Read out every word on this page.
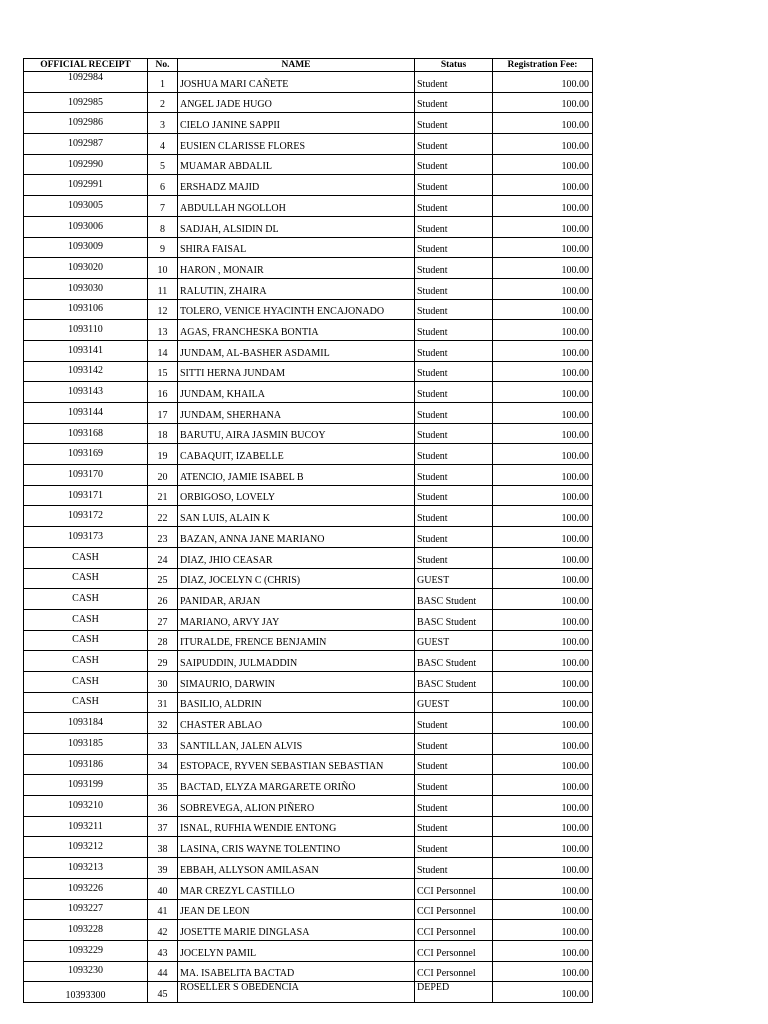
OFFICIAL RECEIPT	No.	NAME	Status	Registration Fee:
1092984	1	JOSHUA MARI CAÑETE	Student	100.00
1092985	2	ANGEL JADE HUGO	Student	100.00
1092986	3	CIELO JANINE SAPPII	Student	100.00
1092987	4	EUSIEN CLARISSE FLORES	Student	100.00
1092990	5	MUAMAR ABDALIL	Student	100.00
1092991	6	ERSHADZ MAJID	Student	100.00
1093005	7	ABDULLAH NGOLLOH	Student	100.00
1093006	8	SADJAH, ALSIDIN DL	Student	100.00
1093009	9	SHIRA FAISAL	Student	100.00
1093020	10	HARON , MONAIR	Student	100.00
1093030	11	RALUTIN, ZHAIRA	Student	100.00
1093106	12	TOLERO, VENICE HYACINTH ENCAJONADO	Student	100.00
1093110	13	AGAS, FRANCHESKA BONTIA	Student	100.00
1093141	14	JUNDAM, AL-BASHER ASDAMIL	Student	100.00
1093142	15	SITTI HERNA JUNDAM	Student	100.00
1093143	16	JUNDAM, KHAILA	Student	100.00
1093144	17	JUNDAM, SHERHANA	Student	100.00
1093168	18	BARUTU, AIRA JASMIN BUCOY	Student	100.00
1093169	19	CABAQUIT, IZABELLE	Student	100.00
1093170	20	ATENCIO, JAMIE ISABEL B	Student	100.00
1093171	21	ORBIGOSO, LOVELY	Student	100.00
1093172	22	SAN LUIS, ALAIN K	Student	100.00
1093173	23	BAZAN, ANNA JANE MARIANO	Student	100.00
CASH	24	DIAZ, JHIO CEASAR	Student	100.00
CASH	25	DIAZ, JOCELYN C (CHRIS)	GUEST	100.00
CASH	26	PANIDAR, ARJAN	BASC Student	100.00
CASH	27	MARIANO, ARVY JAY	BASC Student	100.00
CASH	28	ITURALDE, FRENCE BENJAMIN	GUEST	100.00
CASH	29	SAIPUDDIN, JULMADDIN	BASC Student	100.00
CASH	30	SIMAURIO, DARWIN	BASC Student	100.00
CASH	31	BASILIO, ALDRIN	GUEST	100.00
1093184	32	CHASTER ABLAO	Student	100.00
1093185	33	SANTILLAN, JALEN ALVIS	Student	100.00
1093186	34	ESTOPACE, RYVEN SEBASTIAN SEBASTIAN	Student	100.00
1093199	35	BACTAD, ELYZA MARGARETE ORIÑO	Student	100.00
1093210	36	SOBREVEGA, ALION PIÑERO	Student	100.00
1093211	37	ISNAL, RUFHIA WENDIE ENTONG	Student	100.00
1093212	38	LASINA, CRIS WAYNE TOLENTINO	Student	100.00
1093213	39	EBBAH, ALLYSON AMILASAN	Student	100.00
1093226	40	MAR CREZYL CASTILLO	CCI Personnel	100.00
1093227	41	JEAN DE LEON	CCI Personnel	100.00
1093228	42	JOSETTE MARIE DINGLASA	CCI Personnel	100.00
1093229	43	JOCELYN PAMIL	CCI Personnel	100.00
1093230	44	MA. ISABELITA BACTAD	CCI Personnel	100.00
10393300	45	ROSELLER S OBEDENCIA	DEPED	100.00
